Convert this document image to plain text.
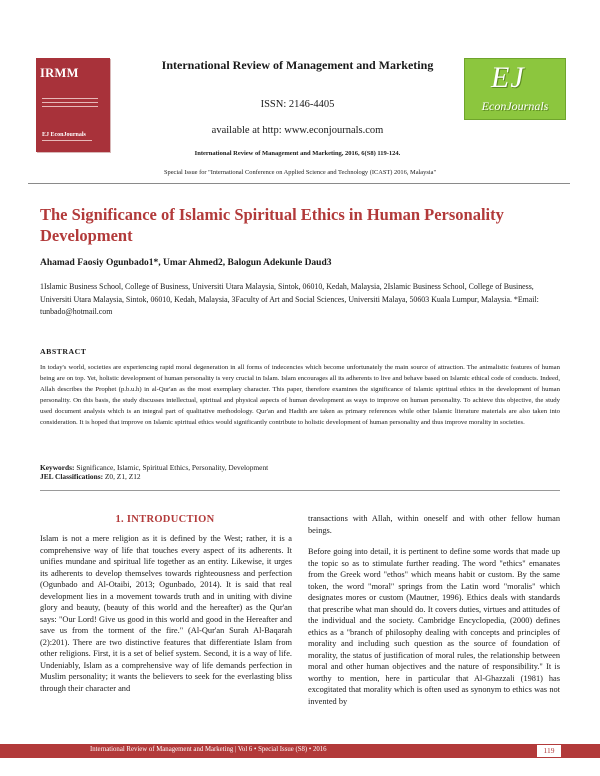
IRMM
EJ EconJournals
International Review of Management and Marketing
ISSN: 2146-4405
available at http: www.econjournals.com
International Review of Management and Marketing, 2016, 6(S8) 119-124.
EJ
EconJournals
Special Issue for "International Conference on Applied Science and Technology (ICAST) 2016, Malaysia"
The Significance of Islamic Spiritual Ethics in Human Personality Development
Ahamad Faosiy Ogunbado1*, Umar Ahmed2, Balogun Adekunle Daud3
1Islamic Business School, College of Business, Universiti Utara Malaysia, Sintok, 06010, Kedah, Malaysia, 2Islamic Business School, College of Business, Universiti Utara Malaysia, Sintok, 06010, Kedah, Malaysia, 3Faculty of Art and Social Sciences, Universiti Malaya, 50603 Kuala Lumpur, Malaysia. *Email: tunbado@hotmail.com
ABSTRACT
In today's world, societies are experiencing rapid moral degeneration in all forms of indecencies which become unfortunately the main source of attraction. The animalistic features of human being are on top. Yet, holistic development of human personality is very crucial in Islam. Islam encourages all its adherents to live and behave based on Islamic ethical code of conducts. Indeed, Allah describes the Prophet (p.b.u.h) in al-Qur'an as the most exemplary character. This paper, therefore examines the significance of Islamic spiritual ethics in the development of human personality. On this basis, the study discusses intellectual, spiritual and physical aspects of human development as ways to improve on human personality. To achieve this objective, the study used document analysis which is an integral part of qualitative methodology. Qur'an and Hadith are taken as primary references while other Islamic literature materials are also taken into consideration. It is hoped that improve on Islamic spiritual ethics would significantly contribute to holistic development of human personality and thus improve morality in societies.
Keywords: Significance, Islamic, Spiritual Ethics, Personality, Development
JEL Classifications: Z0, Z1, Z12
1. INTRODUCTION
Islam is not a mere religion as it is defined by the West; rather, it is a comprehensive way of life that touches every aspect of its adherents. It unifies mundane and spiritual life together as an entity. Likewise, it urges its adherents to develop themselves towards righteousness and perfection (Ogunbado and Al-Otaibi, 2013; Ogunbado, 2014). It is said that real development lies in a movement towards truth and in uniting with divine glory and beauty, (beauty of this world and the hereafter) as the Qur'an says: "Our Lord! Give us good in this world and good in the Hereafter and save us from the torment of the fire." (Al-Qur'an Surah Al-Baqarah (2):201). There are two distinctive features that differentiate Islam from other religions. First, it is a set of belief system. Second, it is a way of life. Undeniably, Islam as a comprehensive way of life demands perfection in Muslim personality; it wants the believers to seek for the everlasting bliss through their character and
transactions with Allah, within oneself and with other fellow human beings.
Before going into detail, it is pertinent to define some words that made up the topic so as to stimulate further reading. The word "ethics" emanates from the Greek word "ethos" which means habit or custom. By the same token, the word "moral" springs from the Latin word "moralis" which designates mores or custom (Mautner, 1996). Ethics deals with standards that prescribe what man should do. It covers duties, virtues and attitudes of the individual and the society. Cambridge Encyclopedia, (2000) defines ethics as a "branch of philosophy dealing with concepts and principles of morality and including such question as the source of foundation of morality, the status of justification of moral rules, the relationship between moral and other human objectives and the nature of responsibility." It is worthy to mention, here in particular that Al-Ghazzali (1981) has excogitated that morality which is often used as synonym to ethics was not invented by
International Review of Management and Marketing | Vol 6 • Special Issue (S8) • 2016	119
